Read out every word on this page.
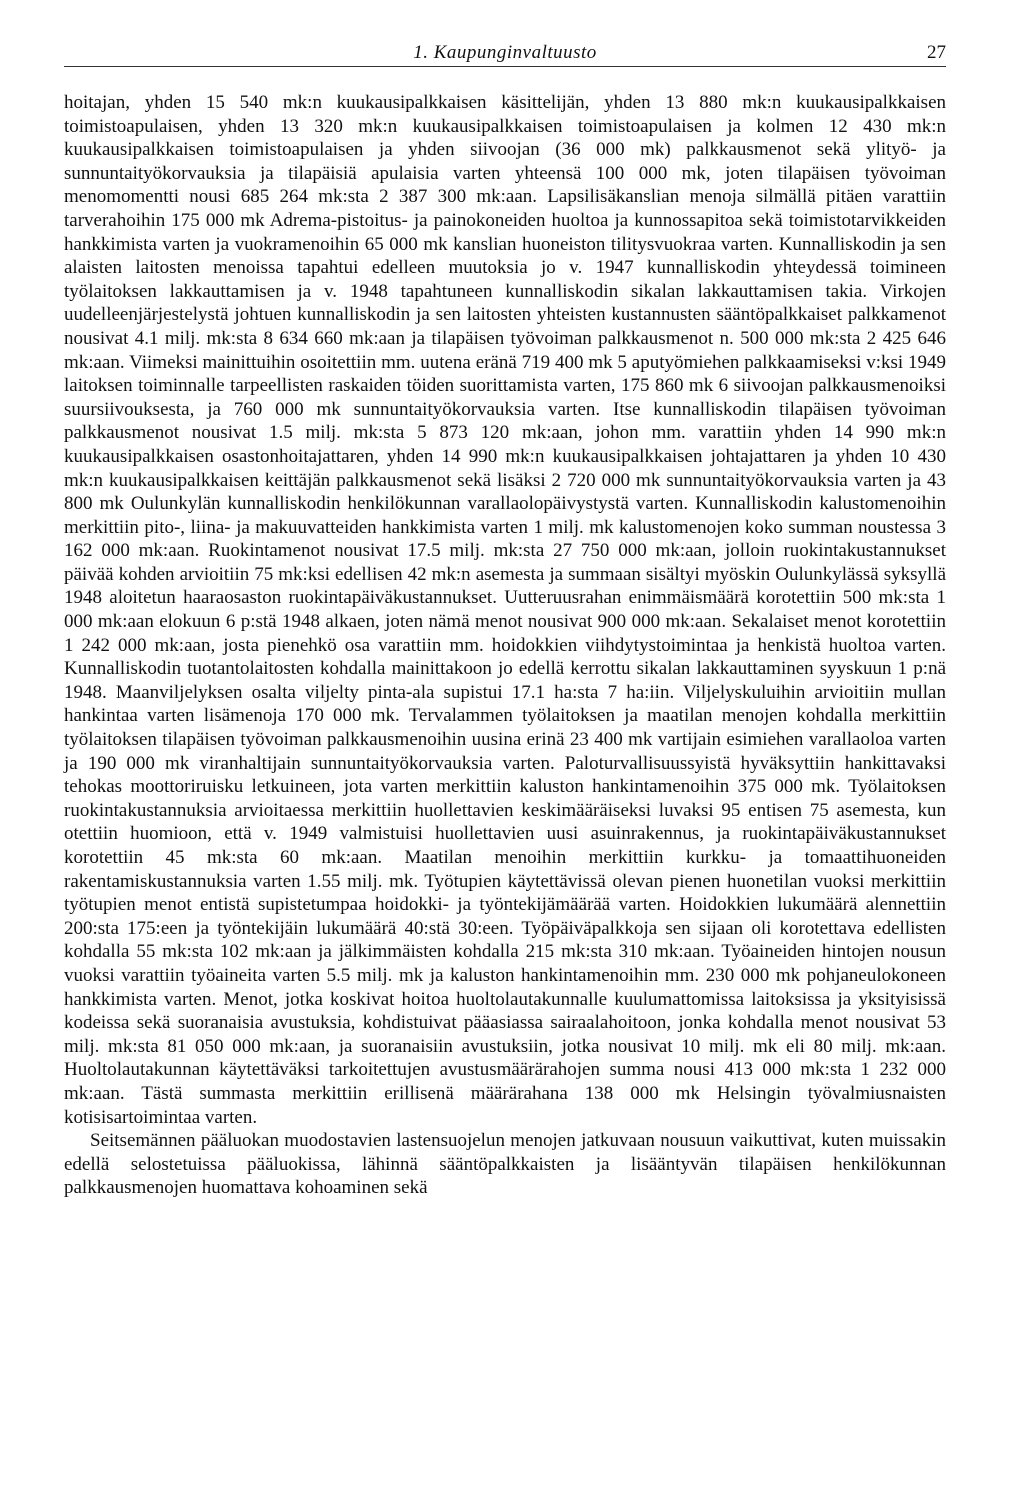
1. Kaupunginvaltuusto	27

hoitajan, yhden 15 540 mk:n kuukausipalkkaisen käsittelijän, yhden 13 880 mk:n kuukausipalkkaisen toimistoapulaisen, yhden 13 320 mk:n kuukausipalkkaisen toimistoapulaisen ja kolmen 12 430 mk:n kuukausipalkkaisen toimistoapulaisen ja yhden siivoojan (36 000 mk) palkkausmenot sekä ylityö- ja sunnuntaityökorvauksia ja tilapäisiä apulaisia varten yhteensä 100 000 mk, joten tilapäisen työvoiman menomomentti nousi 685 264 mk:sta 2 387 300 mk:aan. Lapsilisäkanslian menoja silmällä pitäen varattiin tarverahoihin 175 000 mk Adrema-pistoitus- ja painokoneiden huoltoa ja kunnossapitoa sekä toimistotarvikkeiden hankkimista varten ja vuokramenoihin 65 000 mk kanslian huoneiston tilitysvuokraa varten. Kunnalliskodin ja sen alaisten laitosten menoissa tapahtui edelleen muutoksia jo v. 1947 kunnalliskodin yhteydessä toimineen työlaitoksen lakkauttamisen ja v. 1948 tapahtuneen kunnalliskodin sikalan lakkauttamisen takia. Virkojen uudelleenjärjestelystä johtuen kunnalliskodin ja sen laitosten yhteisten kustannusten sääntöpalkkaiset palkkamenot nousivat 4.1 milj. mk:sta 8 634 660 mk:aan ja tilapäisen työvoiman palkkausmenot n. 500 000 mk:sta 2 425 646 mk:aan. Viimeksi mainittuihin osoitettiin mm. uutena eränä 719 400 mk 5 aputyömiehen palkkaamiseksi v:ksi 1949 laitoksen toiminnalle tarpeellisten raskaiden töiden suorittamista varten, 175 860 mk 6 siivoojan palkkausmenoiksi suursiivouksesta, ja 760 000 mk sunnuntaityökorvauksia varten. Itse kunnalliskodin tilapäisen työvoiman palkkausmenot nousivat 1.5 milj. mk:sta 5 873 120 mk:aan, johon mm. varattiin yhden 14 990 mk:n kuukausipalkkaisen osastonhoitajattaren, yhden 14 990 mk:n kuukausipalkkaisen johtajattaren ja yhden 10 430 mk:n kuukausipalkkaisen keittäjän palkkausmenot sekä lisäksi 2 720 000 mk sunnuntaityökorvauksia varten ja 43 800 mk Oulunkylän kunnalliskodin henkilökunnan varallaolopäivystystä varten. Kunnalliskodin kalustomenoihin merkittiin pito-, liina- ja makuuvatteiden hankkimista varten 1 milj. mk kalustomenojen koko summan noustessa 3 162 000 mk:aan. Ruokintamenot nousivat 17.5 milj. mk:sta 27 750 000 mk:aan, jolloin ruokintakustannukset päivää kohden arvioitiin 75 mk:ksi edellisen 42 mk:n asemesta ja summaan sisältyi myöskin Oulunkylässä syksyllä 1948 aloitetun haaraosaston ruokintapäiväkustannukset. Uutteruusrahan enimmäismäärä korotettiin 500 mk:sta 1 000 mk:aan elokuun 6 p:stä 1948 alkaen, joten nämä menot nousivat 900 000 mk:aan. Sekalaiset menot korotettiin 1 242 000 mk:aan, josta pienehkö osa varattiin mm. hoidokkien viihdytystoimintaa ja henkistä huoltoa varten. Kunnalliskodin tuotantolaitosten kohdalla mainittakoon jo edellä kerrottu sikalan lakkauttaminen syyskuun 1 p:nä 1948. Maanviljelyksen osalta viljelty pinta-ala supistui 17.1 ha:sta 7 ha:iin. Viljelyskuluihin arvioitiin mullan hankintaa varten lisämenoja 170 000 mk. Tervalammen työlaitoksen ja maatilan menojen kohdalla merkittiin työlaitoksen tilapäisen työvoiman palkkausmenoihin uusina erinä 23 400 mk vartijain esimiehen varallaoloa varten ja 190 000 mk viranhaltijain sunnuntaityökorvauksia varten. Paloturvallisuussyistä hyväksyttiin hankittavaksi tehokas moottoriruisku letkuineen, jota varten merkittiin kaluston hankintamenoihin 375 000 mk. Työlaitoksen ruokintakustannuksia arvioitaessa merkittiin huollettavien keskimääräiseksi luvaksi 95 entisen 75 asemesta, kun otettiin huomioon, että v. 1949 valmistuisi huollettavien uusi asuinrakennus, ja ruokintapäiväkustannukset korotettiin 45 mk:sta 60 mk:aan. Maatilan menoihin merkittiin kurkku- ja tomaattihuoneiden rakentamiskustannuksia varten 1.55 milj. mk. Työtupien käytettävissä olevan pienen huonetilan vuoksi merkittiin työtupien menot entistä supistetumpaa hoidokki- ja työntekijämäärää varten. Hoidokkien lukumäärä alennettiin 200:sta 175:een ja työntekijäin lukumäärä 40:stä 30:een. Työpäiväpalkkoja sen sijaan oli korotettava edellisten kohdalla 55 mk:sta 102 mk:aan ja jälkimmäisten kohdalla 215 mk:sta 310 mk:aan. Työaineiden hintojen nousun vuoksi varattiin työaineita varten 5.5 milj. mk ja kaluston hankintamenoihin mm. 230 000 mk pohjaneulokoneen hankkimista varten. Menot, jotka koskivat hoitoa huoltolautakunnalle kuulumattomissa laitoksissa ja yksityisissä kodeissa sekä suoranaisia avustuksia, kohdistuivat pääasiassa sairaalahoitoon, jonka kohdalla menot nousivat 53 milj. mk:sta 81 050 000 mk:aan, ja suoranaisiin avustuksiin, jotka nousivat 10 milj. mk eli 80 milj. mk:aan. Huoltolautakunnan käytettäväksi tarkoitettujen avustusmäärärahojen summa nousi 413 000 mk:sta 1 232 000 mk:aan. Tästä summasta merkittiin erillisenä määrärahana 138 000 mk Helsingin työvalmiusnaisten kotisisartoimintaa varten.

Seitsemännen pääluokan muodostavien lastensuojelun menojen jatkuvaan nousuun vaikuttivat, kuten muissakin edellä selostetuissa pääluokissa, lähinnä sääntöpalkkaisten ja lisääntyvän tilapäisen henkilökunnan palkkausmenojen huomattava kohoaminen sekä
